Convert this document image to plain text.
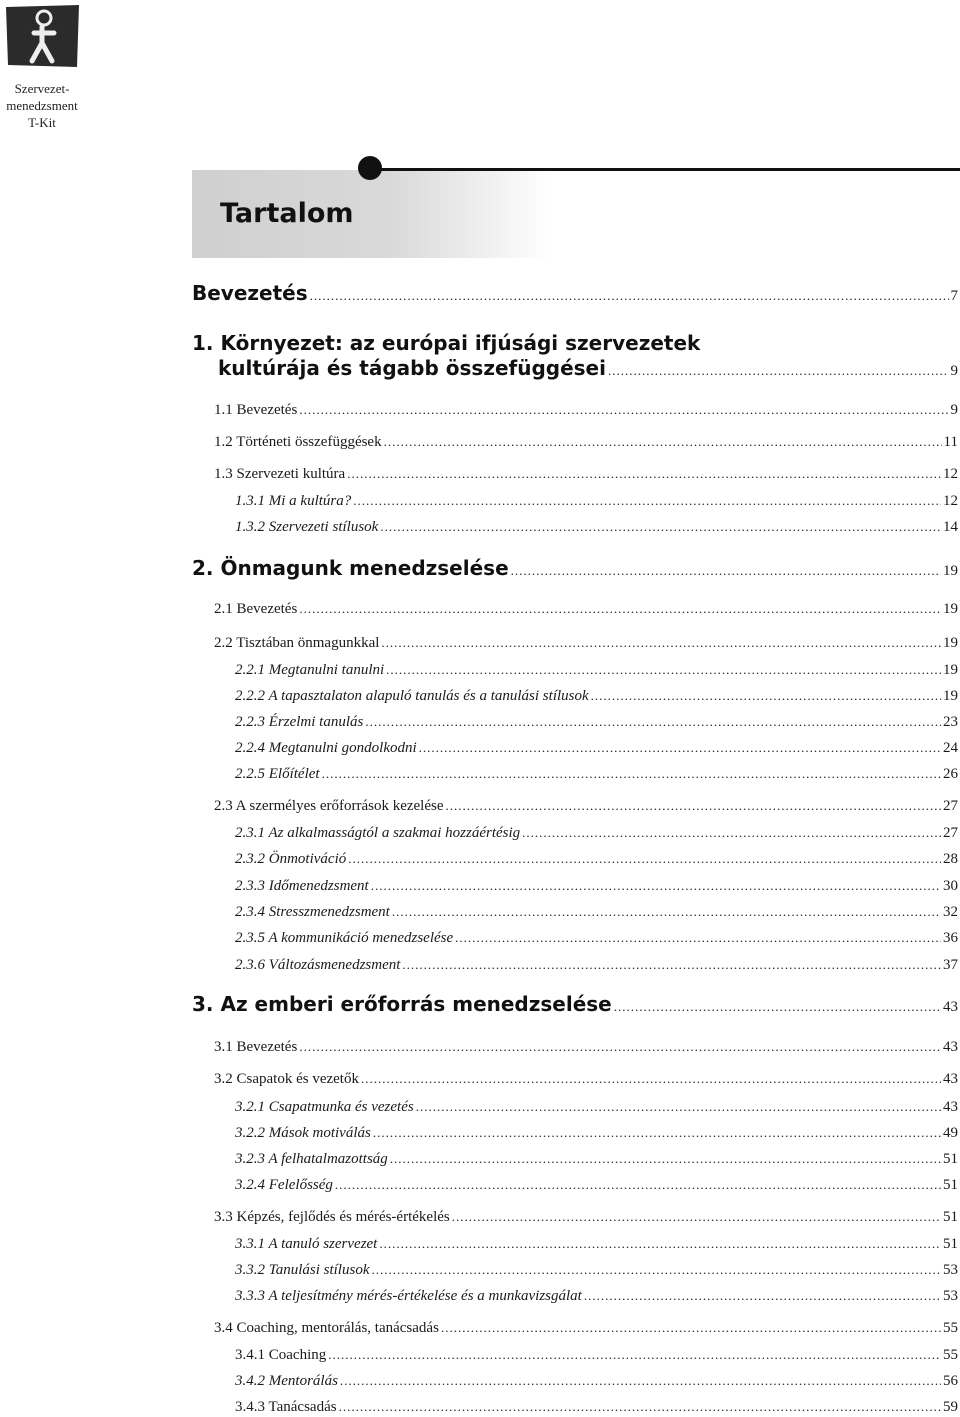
Szervezet-
menedzsment
T-Kit
Tartalom
Bevezetés .....	7
1. Környezet: az európai ifjúsági szervezetek
kultúrája és tágabb összefüggései .....	9
1.1 Bevezetés .....	9
1.2 Történeti összefüggések .....	11
1.3 Szervezeti kultúra .....	12
1.3.1 Mi a kultúra? .....	12
1.3.2 Szervezeti stílusok .....	14
2. Önmagunk menedzselése .....	19
2.1 Bevezetés .....	19
2.2 Tisztában önmagunkkal .....	19
2.2.1 Megtanulni tanulni .....	19
2.2.2 A tapasztalaton alapuló tanulás és a tanulási stílusok .....	19
2.2.3 Érzelmi tanulás .....	23
2.2.4 Megtanulni gondolkodni .....	24
2.2.5 Előítélet .....	26
2.3 A szermélyes erőforrások kezelése .....	27
2.3.1 Az alkalmasságtól a szakmai hozzáértésig .....	27
2.3.2 Önmotiváció .....	28
2.3.3 Időmenedzsment .....	30
2.3.4 Stresszmenedzsment .....	32
2.3.5 A kommunikáció menedzselése .....	36
2.3.6 Változásmenedzsment .....	37
3. Az emberi erőforrás menedzselése .....	43
3.1 Bevezetés .....	43
3.2 Csapatok és vezetők .....	43
3.2.1 Csapatmunka és vezetés .....	43
3.2.2 Mások motiválás .....	49
3.2.3 A felhatalmazottság .....	51
3.2.4 Felelősség .....	51
3.3 Képzés, fejlődés és mérés-értékelés .....	51
3.3.1 A tanuló szervezet .....	51
3.3.2 Tanulási stílusok .....	53
3.3.3 A teljesítmény mérés-értékelése és a munkavizsgálat .....	53
3.4 Coaching, mentorálás, tanácsadás .....	55
3.4.1 Coaching .....	55
3.4.2 Mentorálás .....	56
3.4.3 Tanácsadás .....	59
